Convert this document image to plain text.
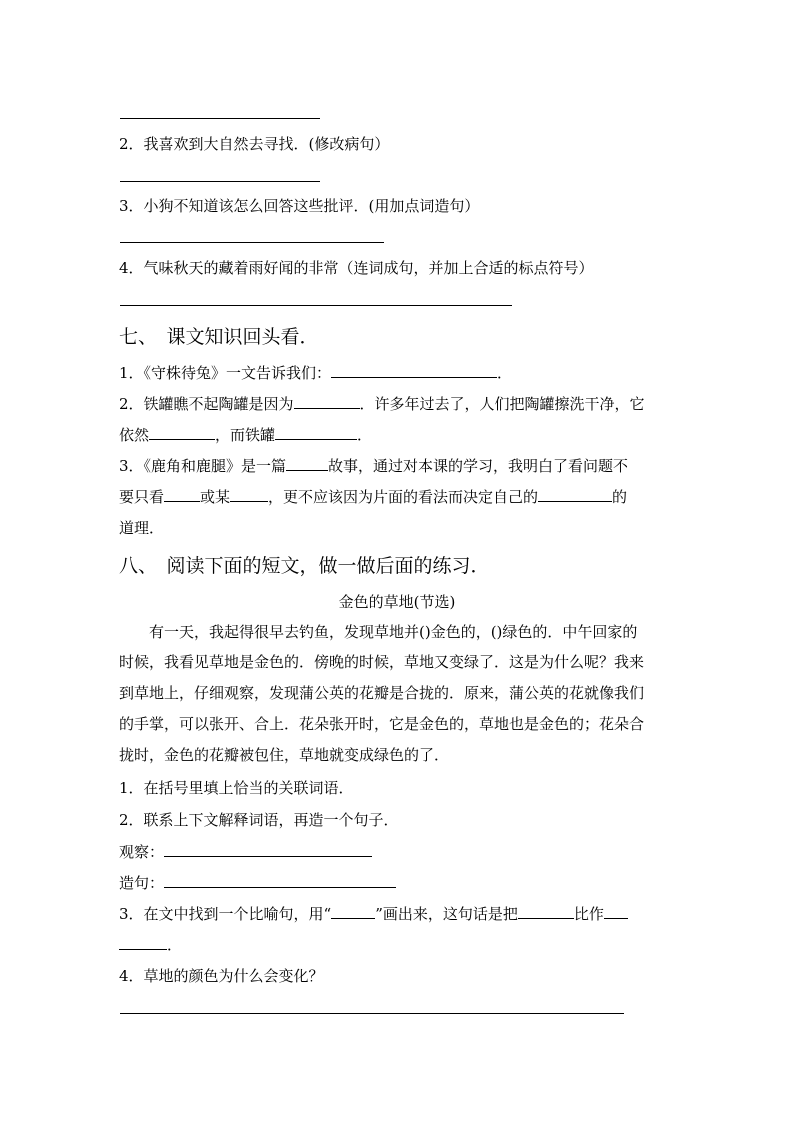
2．我喜欢到大自然去寻找．(修改病句）
3．小狗不知道该怎么回答这些批评．(用加点词造句）
4．气味秋天的藏着雨好闻的非常（连词成句，并加上合适的标点符号）
七、　课文知识回头看．
1．《守株待兔》一文告诉我们：	．
2．铁罐瞧不起陶罐是因为	．许多年过去了，人们把陶罐擦洗干净，它
依然	，而铁罐	．
3．《鹿角和鹿腿》是一篇	故事，通过对本课的学习，我明白了看问题不
要只看 或某	，更不应该因为片面的看法而决定自己的	的
道理．
八、　阅读下面的短文，做一做后面的练习．
金色的草地(节选)
　　有一天，我起得很早去钓鱼，发现草地并()金色的，()绿色的．中午回家的
时候，我看见草地是金色的．傍晚的时候，草地又变绿了．这是为什么呢？我来
到草地上，仔细观察，发现蒲公英的花瓣是合拢的．原来，蒲公英的花就像我们
的手掌，可以张开、合上．花朵张开时，它是金色的，草地也是金色的；花朵合
拢时，金色的花瓣被包住，草地就变成绿色的了．
1．在括号里填上恰当的关联词语．
2．联系上下文解释词语，再造一个句子．
观察：
造句：
3．在文中找到一个比喻句，用“	”画出来，这句话是把	比作
．
4．草地的颜色为什么会变化？
